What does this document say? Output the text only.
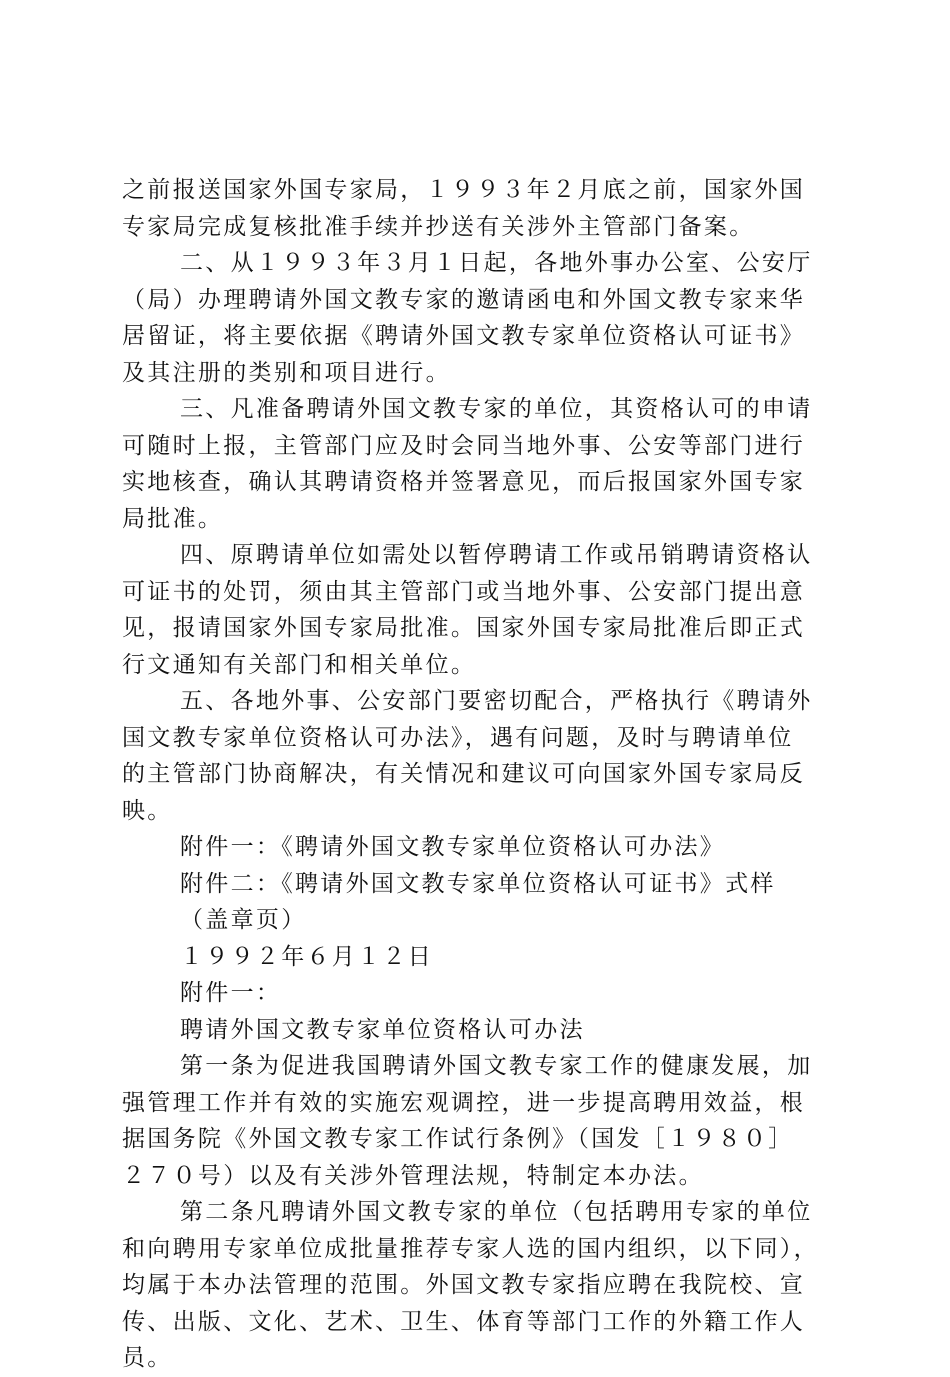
之前报送国家外国专家局，１９９３年２月底之前，国家外国
专家局完成复核批准手续并抄送有关涉外主管部门备案。
二、从１９９３年３月１日起，各地外事办公室、公安厅
（局）办理聘请外国文教专家的邀请函电和外国文教专家来华
居留证，将主要依据《聘请外国文教专家单位资格认可证书》
及其注册的类别和项目进行。
三、凡准备聘请外国文教专家的单位，其资格认可的申请
可随时上报，主管部门应及时会同当地外事、公安等部门进行
实地核查，确认其聘请资格并签署意见，而后报国家外国专家
局批准。
四、原聘请单位如需处以暂停聘请工作或吊销聘请资格认
可证书的处罚，须由其主管部门或当地外事、公安部门提出意
见，报请国家外国专家局批准。国家外国专家局批准后即正式
行文通知有关部门和相关单位。
五、各地外事、公安部门要密切配合，严格执行《聘请外
国文教专家单位资格认可办法》，遇有问题，及时与聘请单位
的主管部门协商解决，有关情况和建议可向国家外国专家局反
映。
附件一：《聘请外国文教专家单位资格认可办法》
附件二：《聘请外国文教专家单位资格认可证书》式样
（盖章页）
１９９２年６月１２日
附件一：
聘请外国文教专家单位资格认可办法
第一条为促进我国聘请外国文教专家工作的健康发展，加
强管理工作并有效的实施宏观调控，进一步提高聘用效益，根
据国务院《外国文教专家工作试行条例》（国发［１９８０］
２７０号）以及有关涉外管理法规，特制定本办法。
第二条凡聘请外国文教专家的单位（包括聘用专家的单位
和向聘用专家单位成批量推荐专家人选的国内组织，以下同），
均属于本办法管理的范围。外国文教专家指应聘在我院校、宣
传、出版、文化、艺术、卫生、体育等部门工作的外籍工作人
员。
